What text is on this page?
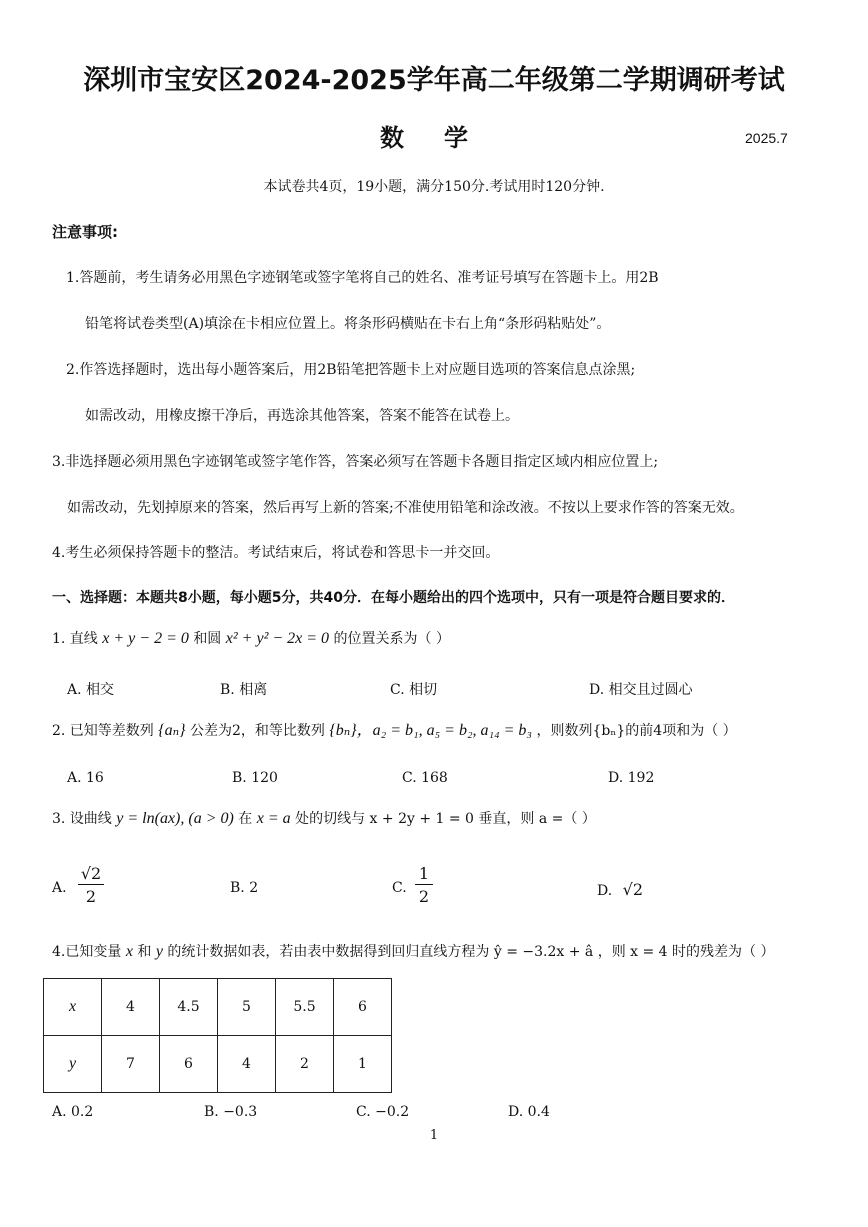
深圳市宝安区2024-2025学年高二年级第二学期调研考试
数学	2025.7
本试卷共4页，19小题，满分150分.考试用时120分钟.
注意事项:
1.答题前，考生请务必用黑色字迹钢笔或签字笔将自己的姓名、准考证号填写在答题卡上。用2B
铅笔将试卷类型(A)填涂在卡相应位置上。将条形码横贴在卡右上角“条形码粘贴处”。
2.作答选择题时，选出每小题答案后，用2B铅笔把答题卡上对应题目选项的答案信息点涂黑;
如需改动，用橡皮擦干净后，再选涂其他答案，答案不能答在试卷上。
3.非选择题必须用黑色字迹钢笔或签字笔作答，答案必须写在答题卡各题目指定区域内相应位置上;
如需改动，先划掉原来的答案，然后再写上新的答案;不准使用铅笔和涂改液。不按以上要求作答的答案无效。
4.考生必须保持答题卡的整洁。考试结束后，将试卷和答思卡一并交回。
一、选择题：本题共8小题，每小题5分，共40分．在每小题给出的四个选项中，只有一项是符合题目要求的．
1. 直线 x + y − 2 = 0 和圆 x² + y² − 2x = 0 的位置关系为（ ）
A. 相交	B. 相离	C. 相切	D. 相交且过圆心
2. 已知等差数列 {aₙ} 公差为2，和等比数列 {bₙ}，a₂ = b₁, a₅ = b₂, a₁₄ = b₃ ，则数列{bₙ}的前4项和为（ ）
A. 16	B. 120	C. 168	D. 192
3. 设曲线 y = ln(ax), (a > 0) 在 x = a 处的切线与 x + 2y + 1 = 0 垂直，则 a =（ ）
A. $\frac{√2}{2}$	B. 2	C. $\frac{1}{2}$	D. √2
4.已知变量 x 和 y 的统计数据如表，若由表中数据得到回归直线方程为 ŷ = −3.2x + â ，则 x = 4 时的残差为（ ）
x	4	4.5	5	5.5	6
y	7	6	4	2	1
A. 0.2	B. −0.3	C. −0.2	D. 0.4
1
